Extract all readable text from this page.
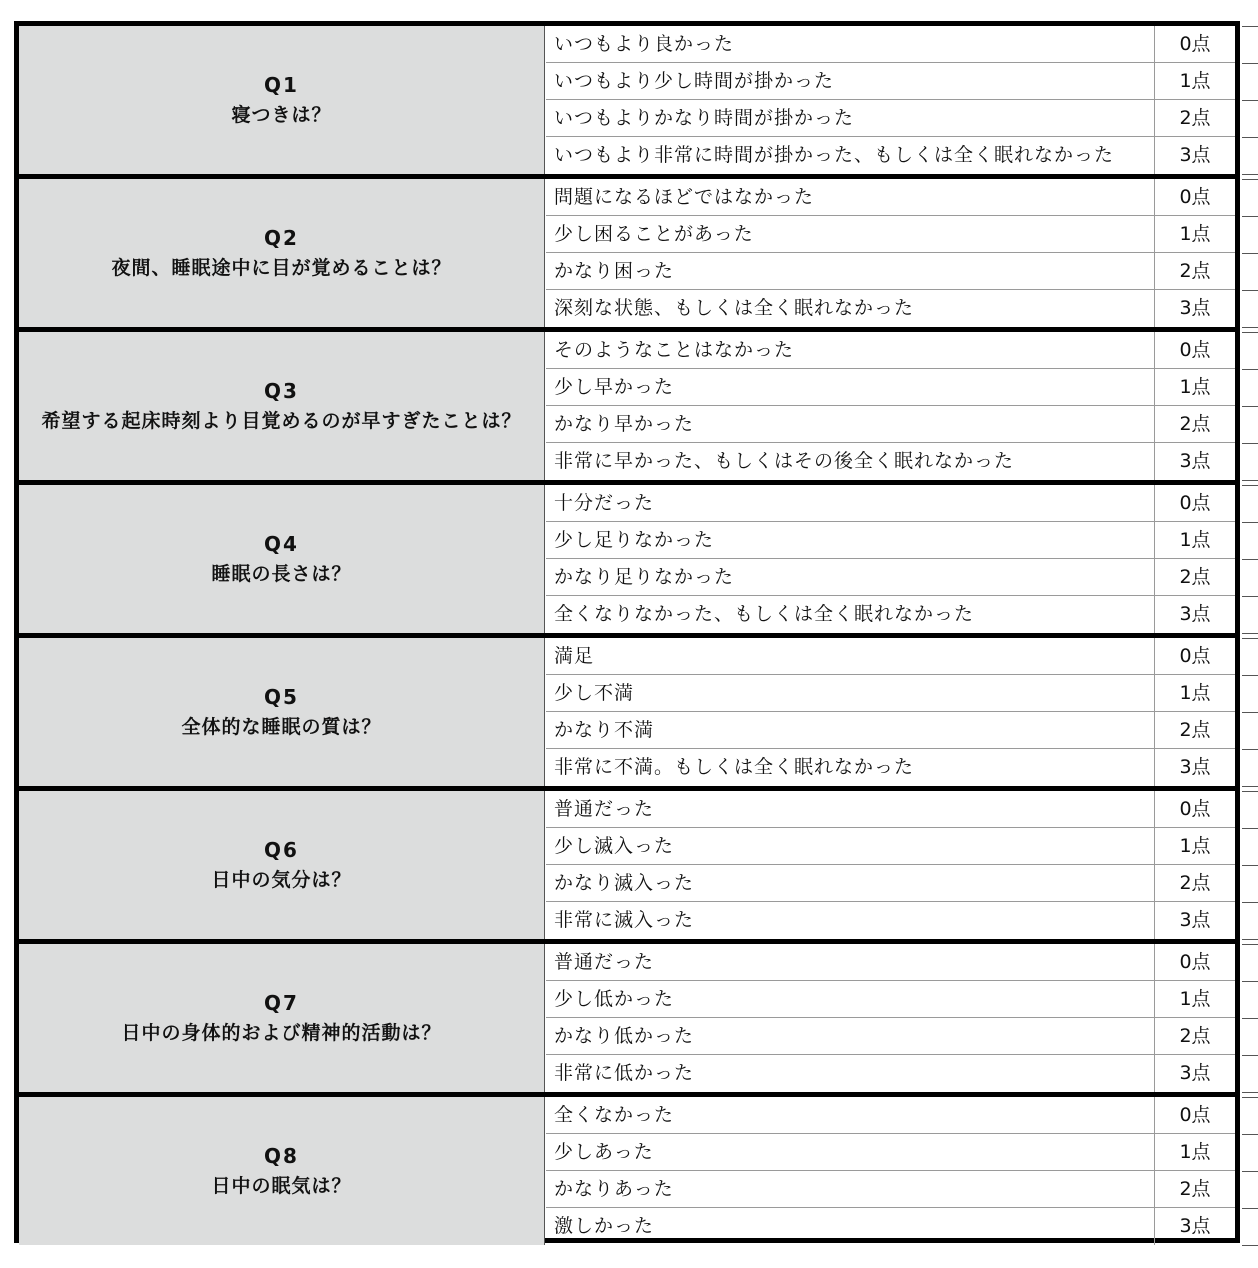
Q1
寝つきは？
いつもより良かった	0点
いつもより少し時間が掛かった	1点
いつもよりかなり時間が掛かった	2点
いつもより非常に時間が掛かった、もしくは全く眠れなかった	3点
Q2
夜間、睡眠途中に目が覚めることは？
問題になるほどではなかった	0点
少し困ることがあった	1点
かなり困った	2点
深刻な状態、もしくは全く眠れなかった	3点
Q3
希望する起床時刻より目覚めるのが早すぎたことは？
そのようなことはなかった	0点
少し早かった	1点
かなり早かった	2点
非常に早かった、もしくはその後全く眠れなかった	3点
Q4
睡眠の長さは？
十分だった	0点
少し足りなかった	1点
かなり足りなかった	2点
全くなりなかった、もしくは全く眠れなかった	3点
Q5
全体的な睡眠の質は？
満足	0点
少し不満	1点
かなり不満	2点
非常に不満。もしくは全く眠れなかった	3点
Q6
日中の気分は？
普通だった	0点
少し滅入った	1点
かなり滅入った	2点
非常に滅入った	3点
Q7
日中の身体的および精神的活動は？
普通だった	0点
少し低かった	1点
かなり低かった	2点
非常に低かった	3点
Q8
日中の眠気は？
全くなかった	0点
少しあった	1点
かなりあった	2点
激しかった	3点
